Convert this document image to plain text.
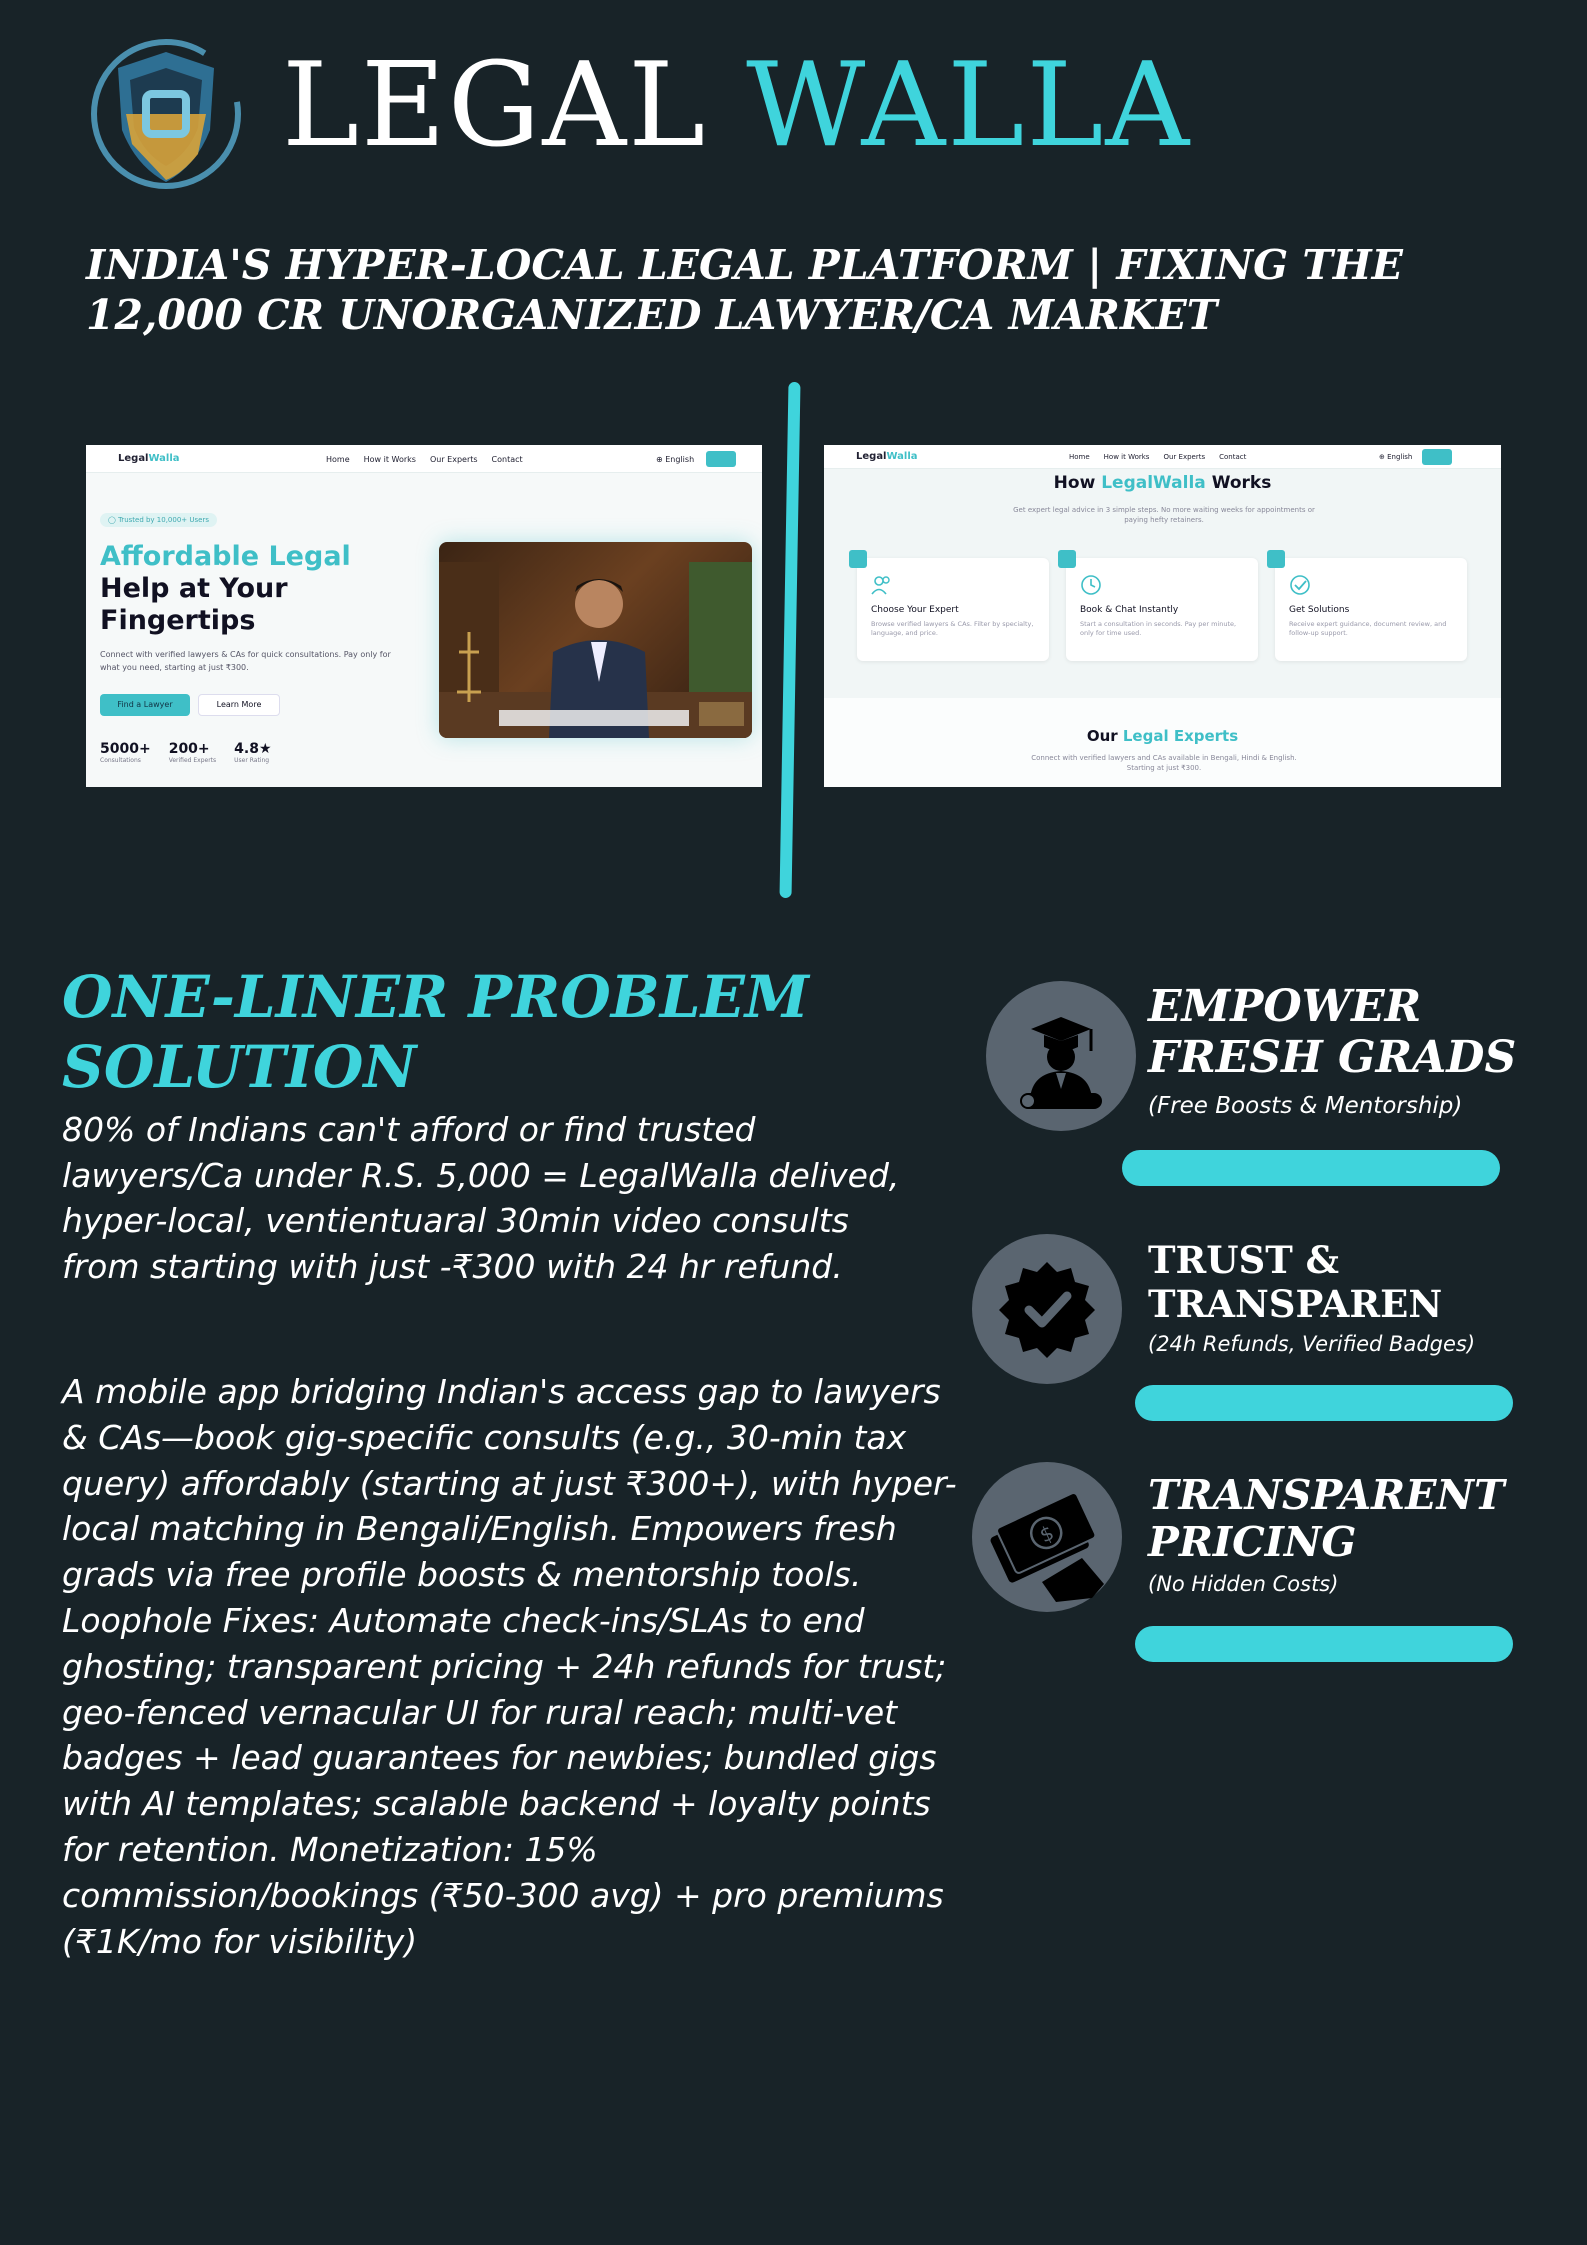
LEGAL WALLA
INDIA'S HYPER-LOCAL LEGAL PLATFORM | FIXING THE 12,000 CR UNORGANIZED LAWYER/CA MARKET
LegalWalla	Home How it Works Our Experts Contact	⊕ English
◯ Trusted by 10,000+ Users
Affordable Legal
Help at Your
Fingertips
Connect with verified lawyers & CAs for quick consultations. Pay only for what you need, starting at just ₹300.
Find a Lawyer	Learn More
5000+
Consultations
200+
Verified Experts
4.8★
User Rating
LegalWalla	Home How it Works Our Experts Contact	⊕ English
How LegalWalla Works
Get expert legal advice in 3 simple steps. No more waiting weeks for appointments or paying hefty retainers.
Choose Your Expert
Browse verified lawyers & CAs. Filter by specialty, language, and price.
Book & Chat Instantly
Start a consultation in seconds. Pay per minute, only for time used.
Get Solutions
Receive expert guidance, document review, and follow-up support.
Our Legal Experts
Connect with verified lawyers and CAs available in Bengali, Hindi & English. Starting at just ₹300.
ONE-LINER PROBLEM SOLUTION
80% of Indians can't afford or find trusted lawyers/Ca under R.S. 5,000 = LegalWalla delived, hyper-local, ventientuaral 30min video consults from starting with just -₹300 with 24 hr refund.
A mobile app bridging Indian's access gap to lawyers & CAs—book gig-specific consults (e.g., 30-min tax query) affordably (starting at just ₹300+), with hyper-local matching in Bengali/English. Empowers fresh grads via free profile boosts & mentorship tools. Loophole Fixes: Automate check-ins/SLAs to end ghosting; transparent pricing + 24h refunds for trust; geo-fenced vernacular UI for rural reach; multi-vet badges + lead guarantees for newbies; bundled gigs with AI templates; scalable backend + loyalty points for retention. Monetization: 15% commission/bookings (₹50-300 avg) + pro premiums (₹1K/mo for visibility)
EMPOWER
FRESH GRADS
(Free Boosts & Mentorship)
TRUST &
TRANSPAREN
(24h Refunds, Verified Badges)
$
TRANSPARENT
PRICING
(No Hidden Costs)
